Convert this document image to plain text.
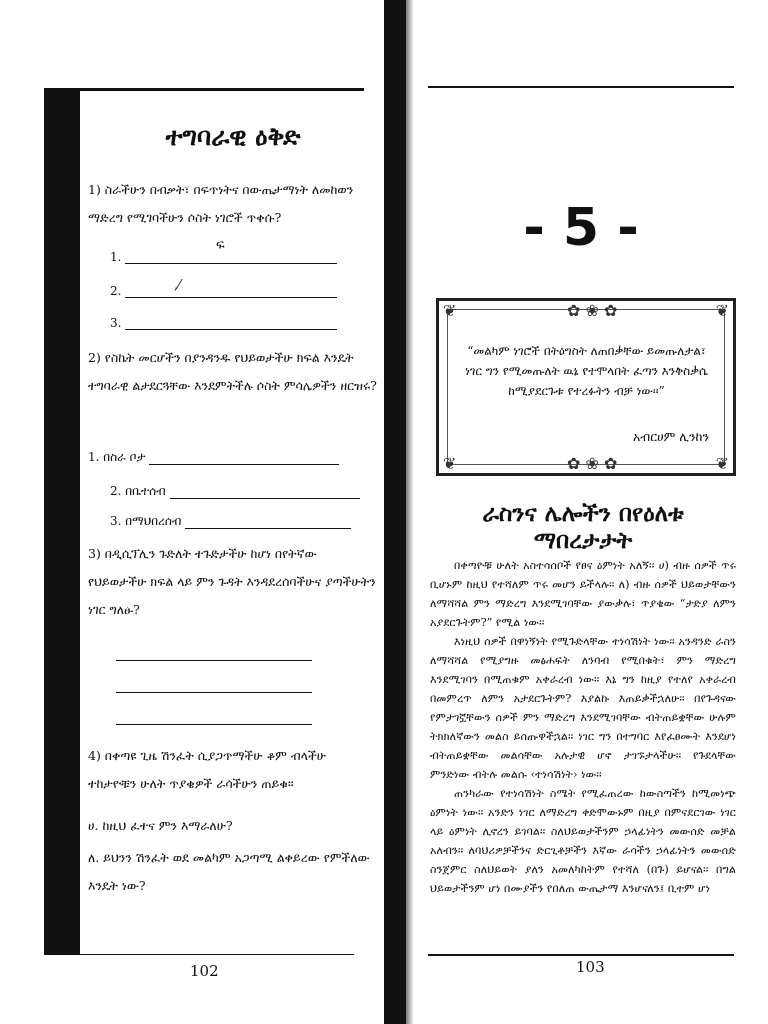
ተግባራዊ ዕቅድ
1) ስራችሁን በብቃት፣ በፍጥነትና በውጤታማነት ለመከወን ማድረግ የሚገባችሁን ሶስት ነገሮች ጥቀሱ?
1.
ፍ
2.	,⁄
3.
2) የስኬት መርሆችን በያንዳንዱ የህይወታችሁ ክፍል እንዴት ተግባራዊ ልታደርጓቸው እንደምትችሉ ሶስት ምሳሌዎችን ዘርዝሩ?
1. በስራ ቦታ
2. በቤተሰብ
3. በማህበረሰብ
3) በዲሲፕሊን ጉድለት ተጉድታችሁ ከሆነ በየትኛው የህይወታችሁ ክፍል ላይ ምን ጉዳት እንዳደረሰባችሁና ያጣችሁትን ነገር ግለፁ?
4) በቀጣዩ ጊዜ ሽንፈት ሲያጋጥማችሁ ቆም ብላችሁ ተከታዮቹን ሁለት ጥያቄዎች ራሳችሁን ጠይቁ፡፡
ሀ. ከዚህ ፈተና ምን እማራለሁ?
ለ. ይህንን ሽንፈት ወደ መልካም አጋጣሚ ልቀይረው የምችለው እንዴት ነው?
102
- 5 -
❦	❦
❦	❦
✿ ❀ ✿
✿ ❀ ✿
“መልካም ነገሮች በትዕግስት ለጠበቃቸው ይመጡለታል፣ ነገር ግን የሚመጡለት ዉኔ የተሞላበት ፈጣን እንቅስቃሴ ከሚያደርጉቱ የተረፉትን ብቻ ነው፡፡”
አብርሀም ሊንከን
ራስንና ሌሎችን በየዕለቱ ማበረታታት

በቀጣዮቹ ሁለት አስተሳሰቦች የፀና ዕምነት አለኝ፡፡ ሀ) ብዙ ሰዎች ጥሩ ቢሆኑም ከዚህ የተሻለም ጥሩ መሆን ይችላሉ፡፡ ለ) ብዙ ሰዎች ህይወታቸውን ለማሻሻል ምን ማድረግ እንደሚገባቸው ያውቃሉ፣ ጥያቄው “ታድያ ለምን አያደርጉትም?” የሚል ነው፡፡

እነዚህ ሰዎች በዋነኝነት የሚጉድላቸው ተነሳሽነት ነው፡፡ አንዳንድ ራስን ለማሻሻል የሚያግዙ መፅሐፍት ለንባብ የሚበቁት፣ ምን ማድረግ እንደሚገባን በሚጠቁም አቀራረብ ነው፡፡ እኔ ግን ከዚያ የተለየ አቀራረብ በመምረጥ ለምን አታደርጉትም? እያልኩ እጠይቃችኋለሁ፡፡ በየጉዳናው የምታገኟቸውን ሰዎች ምን ማድረግ እንደሚገባቸው ብትጠይቋቸው ሁሉም ትክክለኛውን መልስ ይሰጡዋችኋል፡፡ ነገር ግን በተግባር እየፈፀሙት እንደሆነ ብትጠይቋቸው መልሳቸው አሉታዊ ሆኖ ታገኙታላችሁ፡፡ የጉደላቸው ምንድነው ብትሉ መልሱ ‹ተነሳሽነት› ነው፡፡

ጠንካራው የተነሳሽነት ስሜት የሚፈጠረው ከውስጣችን ከሚመነጭ ዕምነት ነው፡፡ አንድን ነገር ለማድረግ ቀድሞውኑም በዚያ በምናደርገው ነገር ላይ ዕምነት ሊኖረን ይገባል፡፡ ስለህይወታችንም ኃላፊነትን መውሰድ መቻል አለብን፡፡ ለባህሪዎቻችንና ድርጊቶቻችን እኛው ራሳችን ኃላፊነትን መውሰድ ስንጀምር ስለህይወት ያለን አመለካከትም የተሻለ (በጉ) ይሆናል፡፡ በግል ህይወታችንም ሆነ በሙያችን የበለጠ ውጤታማ እንሆናለን፤ ቢተም ሆነ

103
